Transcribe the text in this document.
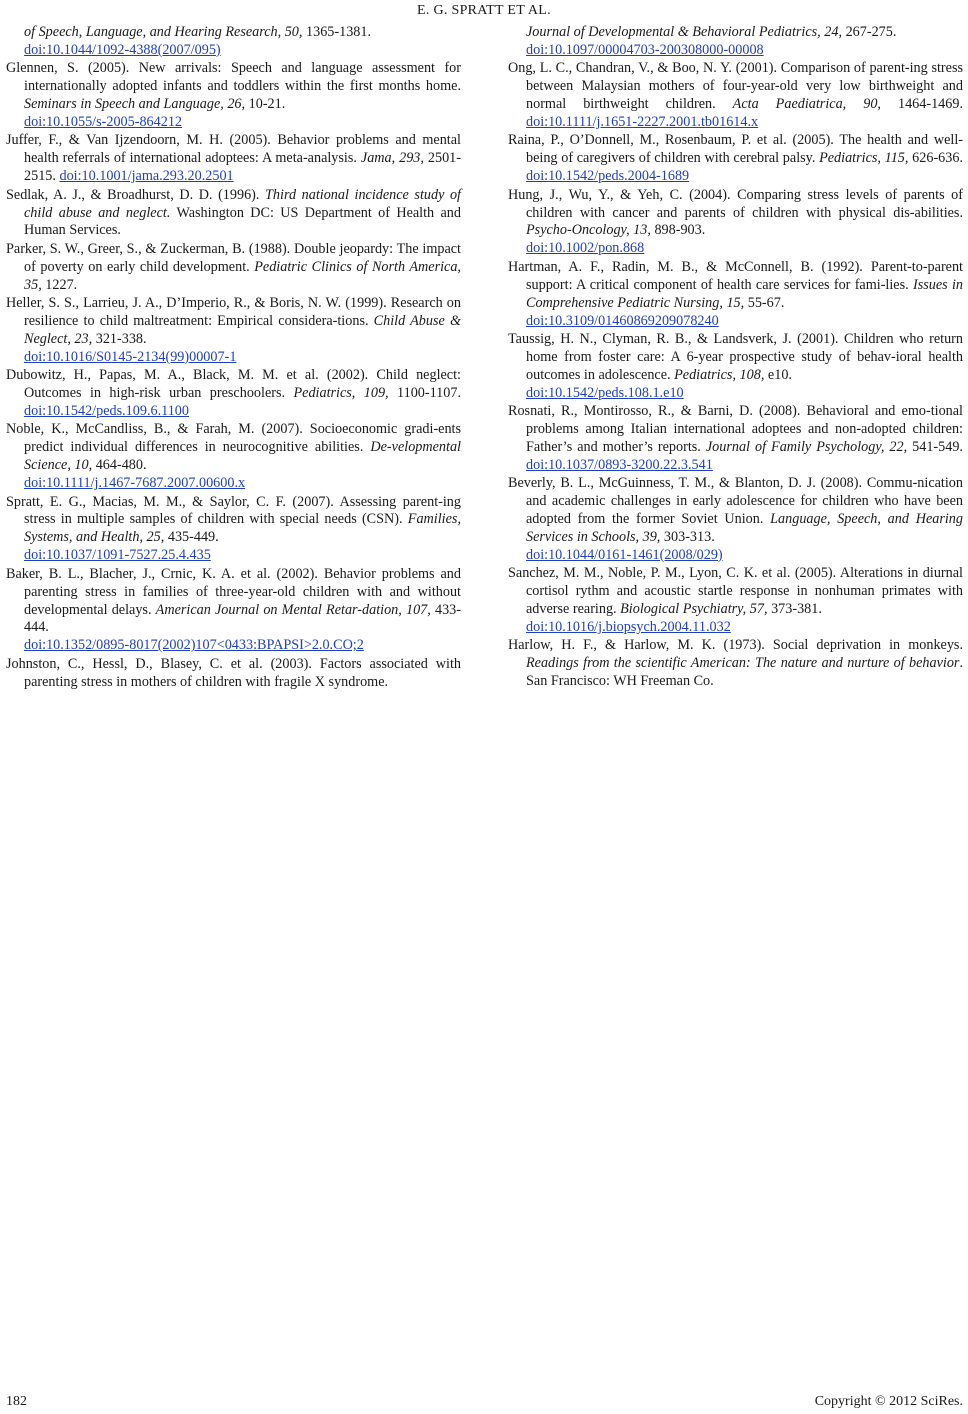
E. G. SPRATT ET AL.
of Speech, Language, and Hearing Research, 50, 1365-1381.
doi:10.1044/1092-4388(2007/095)
Glennen, S. (2005). New arrivals: Speech and language assessment for internationally adopted infants and toddlers within the first months home. Seminars in Speech and Language, 26, 10-21.
doi:10.1055/s-2005-864212
Juffer, F., & Van Ijzendoorn, M. H. (2005). Behavior problems and mental health referrals of international adoptees: A meta-analysis. Jama, 293, 2501-2515. doi:10.1001/jama.293.20.2501
Sedlak, A. J., & Broadhurst, D. D. (1996). Third national incidence study of child abuse and neglect. Washington DC: US Department of Health and Human Services.
Parker, S. W., Greer, S., & Zuckerman, B. (1988). Double jeopardy: The impact of poverty on early child development. Pediatric Clinics of North America, 35, 1227.
Heller, S. S., Larrieu, J. A., D’Imperio, R., & Boris, N. W. (1999). Research on resilience to child maltreatment: Empirical considera-tions. Child Abuse & Neglect, 23, 321-338.
doi:10.1016/S0145-2134(99)00007-1
Dubowitz, H., Papas, M. A., Black, M. M. et al. (2002). Child neglect: Outcomes in high-risk urban preschoolers. Pediatrics, 109, 1100-1107. doi:10.1542/peds.109.6.1100
Noble, K., McCandliss, B., & Farah, M. (2007). Socioeconomic gradi-ents predict individual differences in neurocognitive abilities. De-velopmental Science, 10, 464-480.
doi:10.1111/j.1467-7687.2007.00600.x
Spratt, E. G., Macias, M. M., & Saylor, C. F. (2007). Assessing parent-ing stress in multiple samples of children with special needs (CSN). Families, Systems, and Health, 25, 435-449.
doi:10.1037/1091-7527.25.4.435
Baker, B. L., Blacher, J., Crnic, K. A. et al. (2002). Behavior problems and parenting stress in families of three-year-old children with and without developmental delays. American Journal on Mental Retar-dation, 107, 433-444.
doi:10.1352/0895-8017(2002)107<0433:BPAPSI>2.0.CO;2
Johnston, C., Hessl, D., Blasey, C. et al. (2003). Factors associated with parenting stress in mothers of children with fragile X syndrome.
Journal of Developmental & Behavioral Pediatrics, 24, 267-275.
doi:10.1097/00004703-200308000-00008
Ong, L. C., Chandran, V., & Boo, N. Y. (2001). Comparison of parent-ing stress between Malaysian mothers of four-year-old very low birthweight and normal birthweight children. Acta Paediatrica, 90, 1464-1469. doi:10.1111/j.1651-2227.2001.tb01614.x
Raina, P., O’Donnell, M., Rosenbaum, P. et al. (2005). The health and well-being of caregivers of children with cerebral palsy. Pediatrics, 115, 626-636. doi:10.1542/peds.2004-1689
Hung, J., Wu, Y., & Yeh, C. (2004). Comparing stress levels of parents of children with cancer and parents of children with physical dis-abilities. Psycho-Oncology, 13, 898-903.
doi:10.1002/pon.868
Hartman, A. F., Radin, M. B., & McConnell, B. (1992). Parent-to-parent support: A critical component of health care services for fami-lies. Issues in Comprehensive Pediatric Nursing, 15, 55-67.
doi:10.3109/01460869209078240
Taussig, H. N., Clyman, R. B., & Landsverk, J. (2001). Children who return home from foster care: A 6-year prospective study of behav-ioral health outcomes in adolescence. Pediatrics, 108, e10.
doi:10.1542/peds.108.1.e10
Rosnati, R., Montirosso, R., & Barni, D. (2008). Behavioral and emo-tional problems among Italian international adoptees and non-adopted children: Father’s and mother’s reports. Journal of Family Psychology, 22, 541-549. doi:10.1037/0893-3200.22.3.541
Beverly, B. L., McGuinness, T. M., & Blanton, D. J. (2008). Commu-nication and academic challenges in early adolescence for children who have been adopted from the former Soviet Union. Language, Speech, and Hearing Services in Schools, 39, 303-313.
doi:10.1044/0161-1461(2008/029)
Sanchez, M. M., Noble, P. M., Lyon, C. K. et al. (2005). Alterations in diurnal cortisol rythm and acoustic startle response in nonhuman primates with adverse rearing. Biological Psychiatry, 57, 373-381.
doi:10.1016/j.biopsych.2004.11.032
Harlow, H. F., & Harlow, M. K. (1973). Social deprivation in monkeys. Readings from the scientific American: The nature and nurture of behavior. San Francisco: WH Freeman Co.
182	Copyright © 2012 SciRes.
